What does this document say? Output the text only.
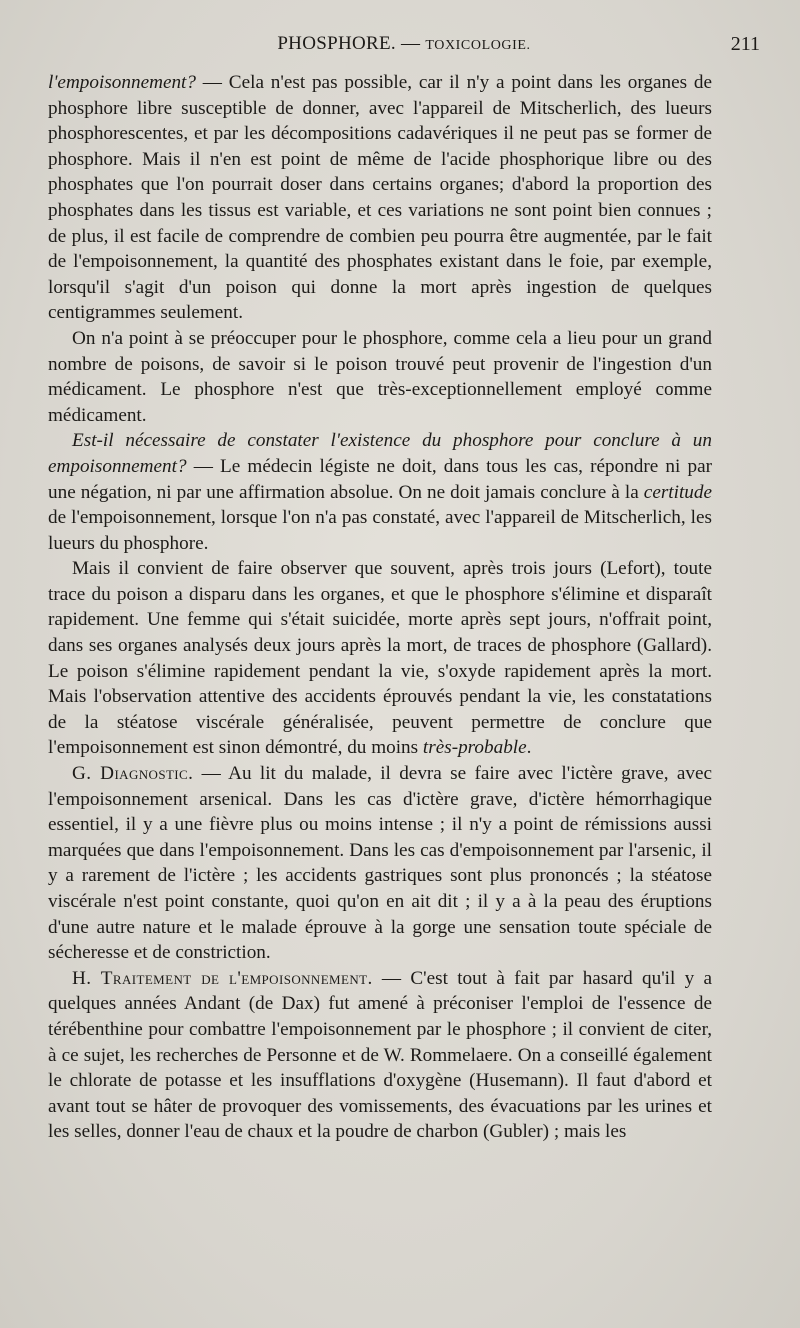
PHOSPHORE. — TOXICOLOGIE.	211

l'empoisonnement? — Cela n'est pas possible, car il n'y a point dans les organes de phosphore libre susceptible de donner, avec l'appareil de Mitscherlich, des lueurs phosphorescentes, et par les décompositions cadavériques il ne peut pas se former de phosphore. Mais il n'en est point de même de l'acide phosphorique libre ou des phosphates que l'on pourrait doser dans certains organes; d'abord la proportion des phosphates dans les tissus est variable, et ces variations ne sont point bien connues ; de plus, il est facile de comprendre de combien peu pourra être augmentée, par le fait de l'empoisonnement, la quantité des phosphates existant dans le foie, par exemple, lorsqu'il s'agit d'un poison qui donne la mort après ingestion de quelques centigrammes seulement.

On n'a point à se préoccuper pour le phosphore, comme cela a lieu pour un grand nombre de poisons, de savoir si le poison trouvé peut provenir de l'ingestion d'un médicament. Le phosphore n'est que très-exceptionnellement employé comme médicament.

Est-il nécessaire de constater l'existence du phosphore pour conclure à un empoisonnement? — Le médecin légiste ne doit, dans tous les cas, répondre ni par une négation, ni par une affirmation absolue. On ne doit jamais conclure à la certitude de l'empoisonnement, lorsque l'on n'a pas constaté, avec l'appareil de Mitscherlich, les lueurs du phosphore.

Mais il convient de faire observer que souvent, après trois jours (Lefort), toute trace du poison a disparu dans les organes, et que le phosphore s'élimine et disparaît rapidement. Une femme qui s'était suicidée, morte après sept jours, n'offrait point, dans ses organes analysés deux jours après la mort, de traces de phosphore (Gallard). Le poison s'élimine rapidement pendant la vie, s'oxyde rapidement après la mort. Mais l'observation attentive des accidents éprouvés pendant la vie, les constatations de la stéatose viscérale généralisée, peuvent permettre de conclure que l'empoisonnement est sinon démontré, du moins très-probable.

G. Diagnostic. — Au lit du malade, il devra se faire avec l'ictère grave, avec l'empoisonnement arsenical. Dans les cas d'ictère grave, d'ictère hémorrhagique essentiel, il y a une fièvre plus ou moins intense ; il n'y a point de rémissions aussi marquées que dans l'empoisonnement. Dans les cas d'empoisonnement par l'arsenic, il y a rarement de l'ictère ; les accidents gastriques sont plus prononcés ; la stéatose viscérale n'est point constante, quoi qu'on en ait dit ; il y a à la peau des éruptions d'une autre nature et le malade éprouve à la gorge une sensation toute spéciale de sécheresse et de constriction.

H. Traitement de l'empoisonnement. — C'est tout à fait par hasard qu'il y a quelques années Andant (de Dax) fut amené à préconiser l'emploi de l'essence de térébenthine pour combattre l'empoisonnement par le phosphore ; il convient de citer, à ce sujet, les recherches de Personne et de W. Rommelaere. On a conseillé également le chlorate de potasse et les insufflations d'oxygène (Husemann). Il faut d'abord et avant tout se hâter de provoquer des vomissements, des évacuations par les urines et les selles, donner l'eau de chaux et la poudre de charbon (Gubler) ; mais les
